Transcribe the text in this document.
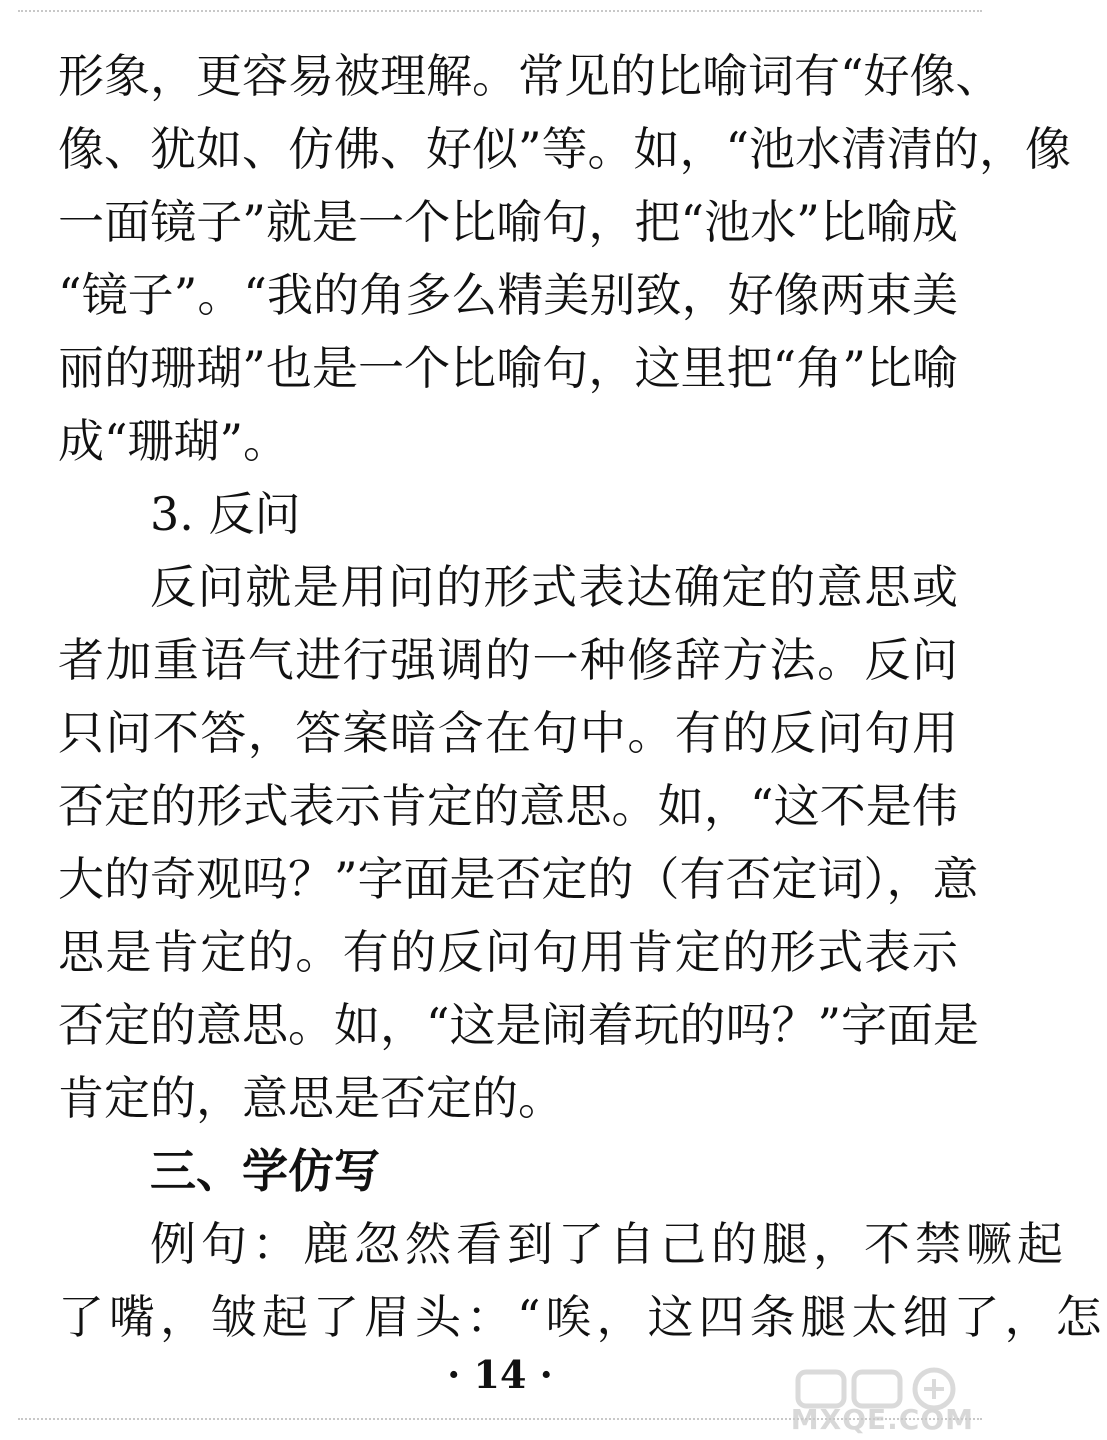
形象，更容易被理解。常见的比喻词有“好像、
像、犹如、仿佛、好似”等。如，“池水清清的，像
一面镜子”就是一个比喻句，把“池水”比喻成
“镜子”。“我的角多么精美别致，好像两束美
丽的珊瑚”也是一个比喻句，这里把“角”比喻
成“珊瑚”。
3. 反问
反问就是用问的形式表达确定的意思或
者加重语气进行强调的一种修辞方法。反问
只问不答，答案暗含在句中。有的反问句用
否定的形式表示肯定的意思。如，“这不是伟
大的奇观吗？”字面是否定的（有否定词），意
思是肯定的。有的反问句用肯定的形式表示
否定的意思。如，“这是闹着玩的吗？”字面是
肯定的，意思是否定的。
三、学仿写
例句：鹿忽然看到了自己的腿，不禁噘起
了嘴，皱起了眉头：“唉，这四条腿太细了，怎
· 14 ·
MXQE.COM
